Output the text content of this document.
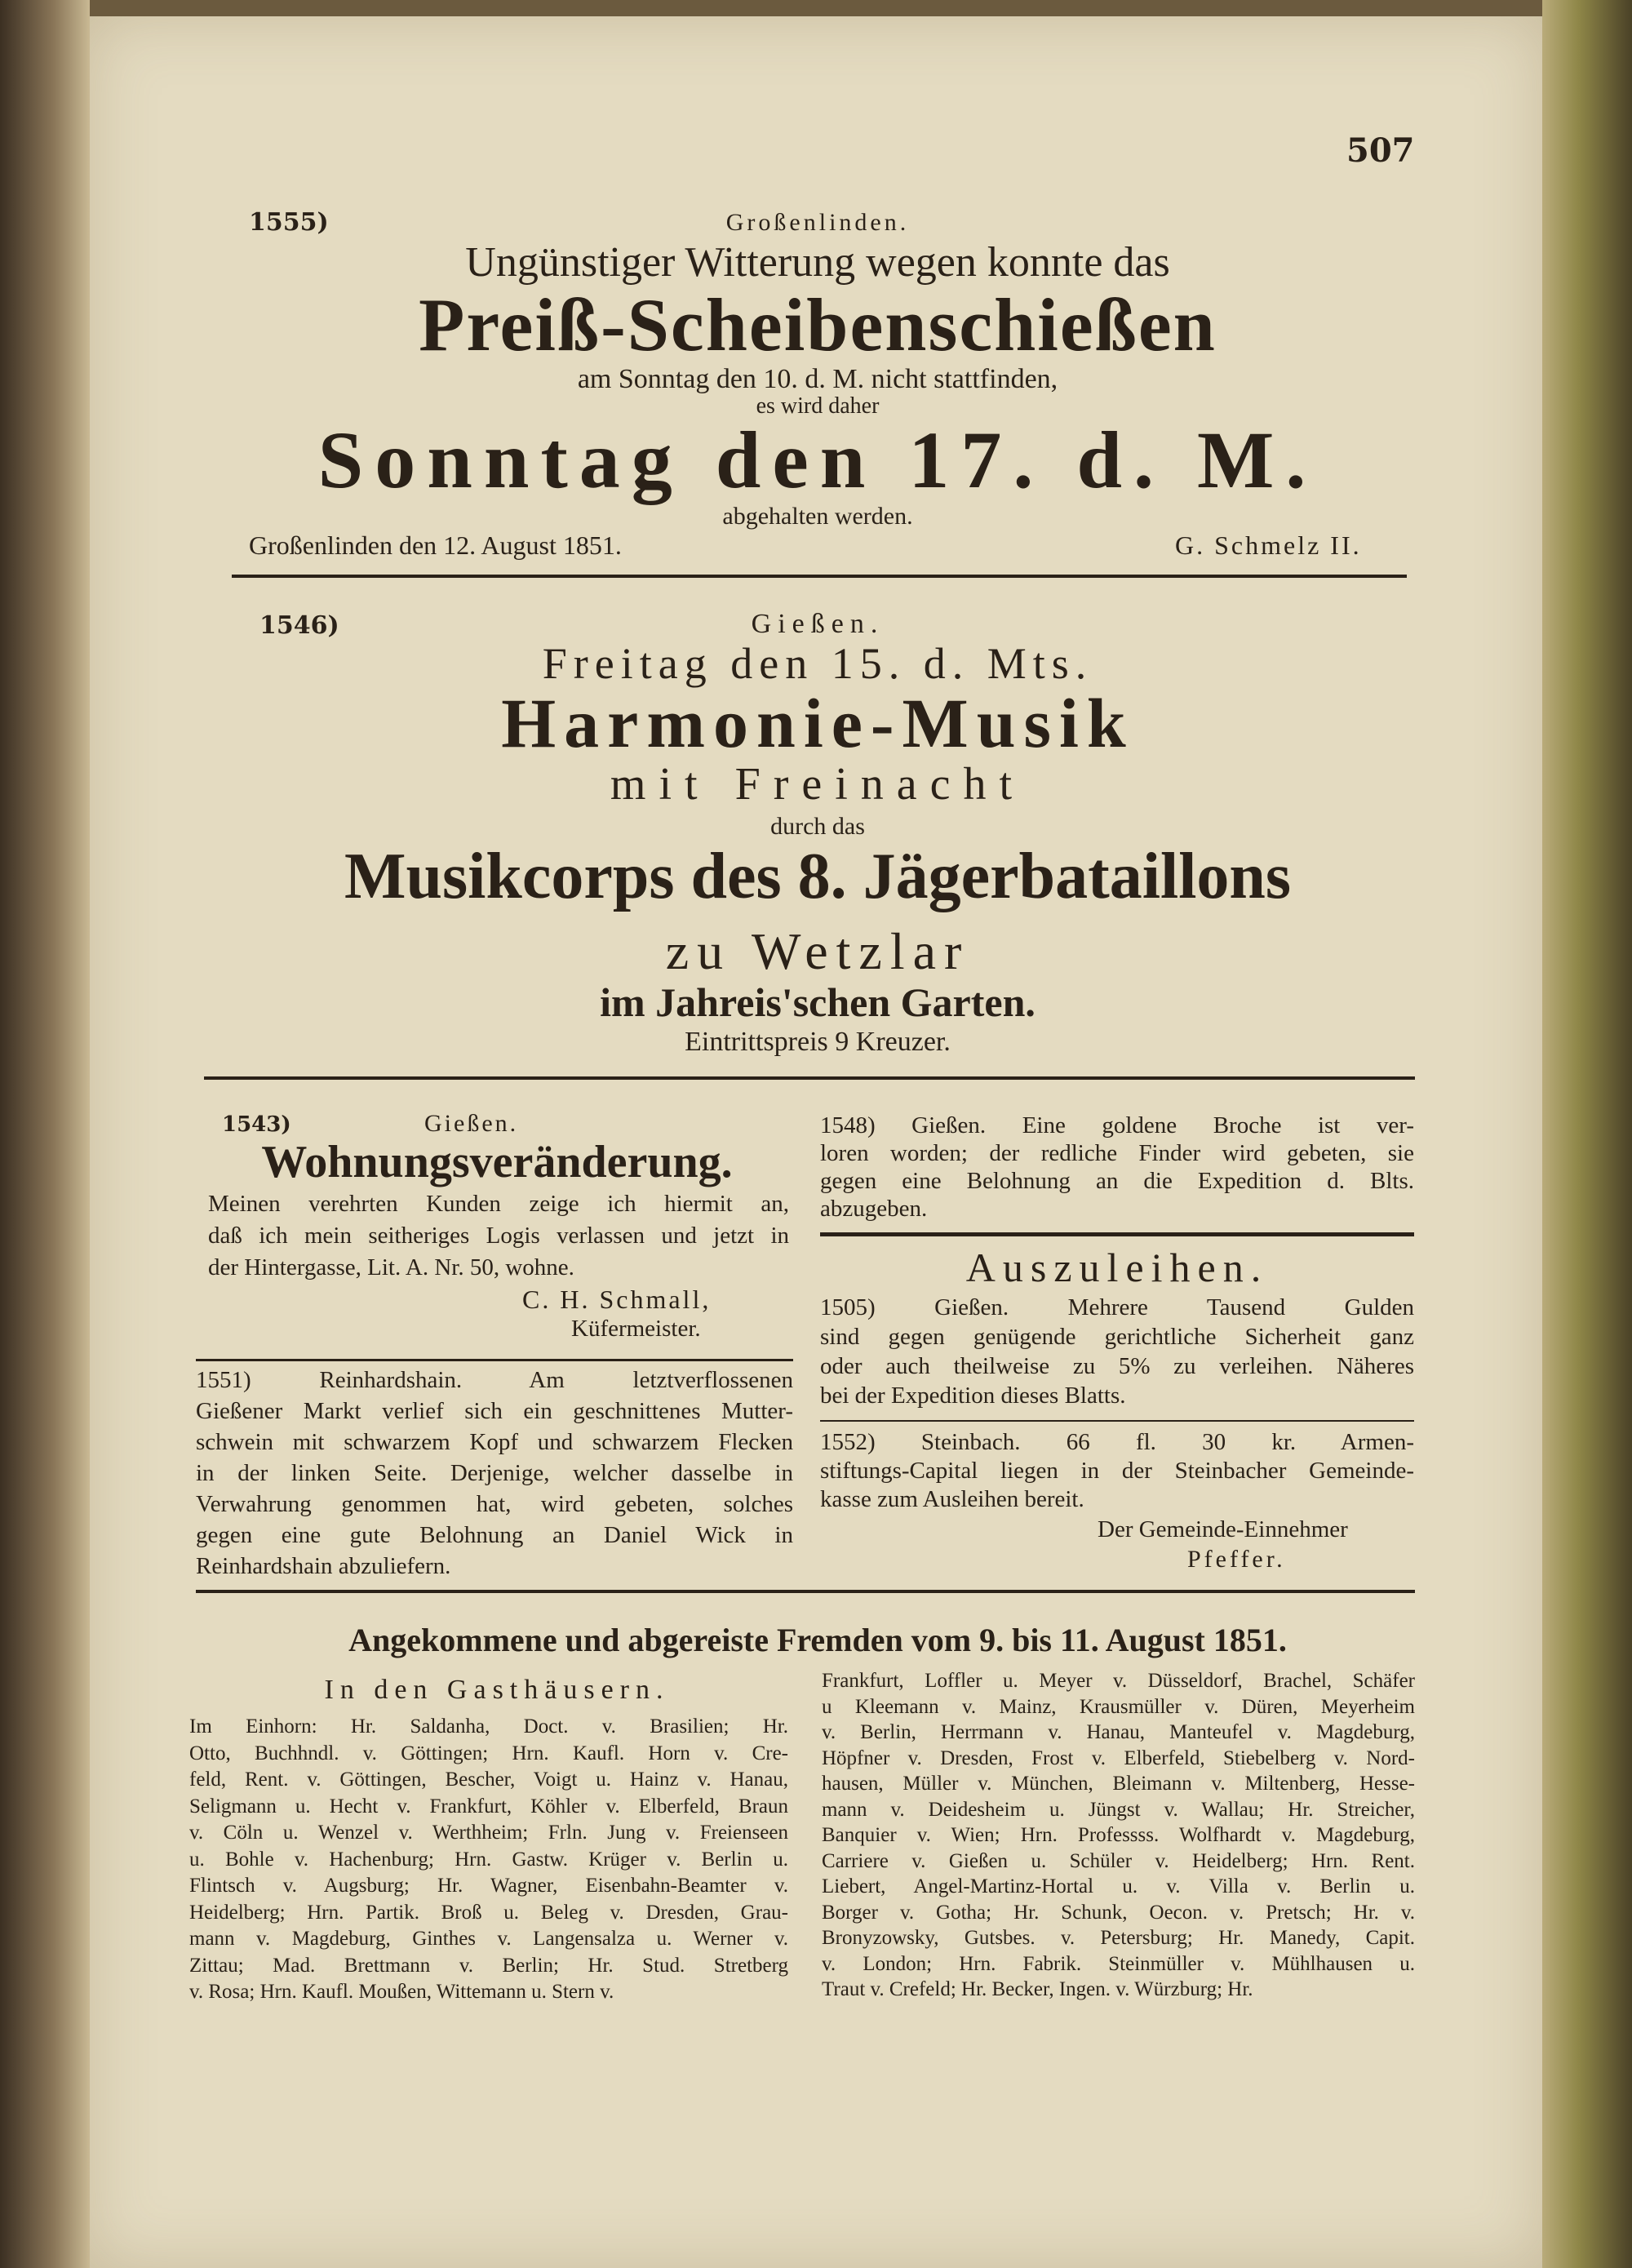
507
1555)	Großenlinden.
Ungünstiger Witterung wegen konnte das
Preiß-Scheibenschießen
am Sonntag den 10. d. M. nicht stattfinden,
es wird daher
Sonntag den 17. d. M.
abgehalten werden.
Großenlinden den 12. August 1851.	G. Schmelz II.
1546)	Gießen.
Freitag den 15. d. Mts.
Harmonie-Musik
mit Freinacht
durch das
Musikcorps des 8. Jägerbataillons
zu Wetzlar
im Jahreis'schen Garten.
Eintrittspreis 9 Kreuzer.
1543)	Gießen.
Wohnungsveränderung.
Meinen verehrten Kunden zeige ich hiermit an,
daß ich mein seitheriges Logis verlassen und jetzt in
der Hintergasse, Lit. A. Nr. 50, wohne.
C. H. Schmall,
Küfermeister.
1551) Reinhardshain. Am letztverflossenen
Gießener Markt verlief sich ein geschnittenes Mutter-
schwein mit schwarzem Kopf und schwarzem Flecken
in der linken Seite. Derjenige, welcher dasselbe in
Verwahrung genommen hat, wird gebeten, solches
gegen eine gute Belohnung an Daniel Wick in
Reinhardshain abzuliefern.
1548) Gießen. Eine goldene Broche ist ver-
loren worden; der redliche Finder wird gebeten, sie
gegen eine Belohnung an die Expedition d. Blts.
abzugeben.
Auszuleihen.
1505) Gießen. Mehrere Tausend Gulden
sind gegen genügende gerichtliche Sicherheit ganz
oder auch theilweise zu 5% zu verleihen. Näheres
bei der Expedition dieses Blatts.
1552) Steinbach. 66 fl. 30 kr. Armen-
stiftungs-Capital liegen in der Steinbacher Gemeinde-
kasse zum Ausleihen bereit.
Der Gemeinde-Einnehmer
Pfeffer.
Angekommene und abgereiste Fremden vom 9. bis 11. August 1851.
In den Gasthäusern.
Im Einhorn: Hr. Saldanha, Doct. v. Brasilien; Hr.
Otto, Buchhndl. v. Göttingen; Hrn. Kaufl. Horn v. Cre-
feld, Rent. v. Göttingen, Bescher, Voigt u. Hainz v. Hanau,
Seligmann u. Hecht v. Frankfurt, Köhler v. Elberfeld, Braun
v. Cöln u. Wenzel v. Werthheim; Frln. Jung v. Freienseen
u. Bohle v. Hachenburg; Hrn. Gastw. Krüger v. Berlin u.
Flintsch v. Augsburg; Hr. Wagner, Eisenbahn-Beamter v.
Heidelberg; Hrn. Partik. Broß u. Beleg v. Dresden, Grau-
mann v. Magdeburg, Ginthes v. Langensalza u. Werner v.
Zittau; Mad. Brettmann v. Berlin; Hr. Stud. Stretberg
v. Rosa; Hrn. Kaufl. Moußen, Wittemann u. Stern v.
Frankfurt, Loffler u. Meyer v. Düsseldorf, Brachel, Schäfer
u Kleemann v. Mainz, Krausmüller v. Düren, Meyerheim
v. Berlin, Herrmann v. Hanau, Manteufel v. Magdeburg,
Höpfner v. Dresden, Frost v. Elberfeld, Stiebelberg v. Nord-
hausen, Müller v. München, Bleimann v. Miltenberg, Hesse-
mann v. Deidesheim u. Jüngst v. Wallau; Hr. Streicher,
Banquier v. Wien; Hrn. Professss. Wolfhardt v. Magdeburg,
Carriere v. Gießen u. Schüler v. Heidelberg; Hrn. Rent.
Liebert, Angel-Martinz-Hortal u. v. Villa v. Berlin u.
Borger v. Gotha; Hr. Schunk, Oecon. v. Pretsch; Hr. v.
Bronyzowsky, Gutsbes. v. Petersburg; Hr. Manedy, Capit.
v. London; Hrn. Fabrik. Steinmüller v. Mühlhausen u.
Traut v. Crefeld; Hr. Becker, Ingen. v. Würzburg; Hr.
